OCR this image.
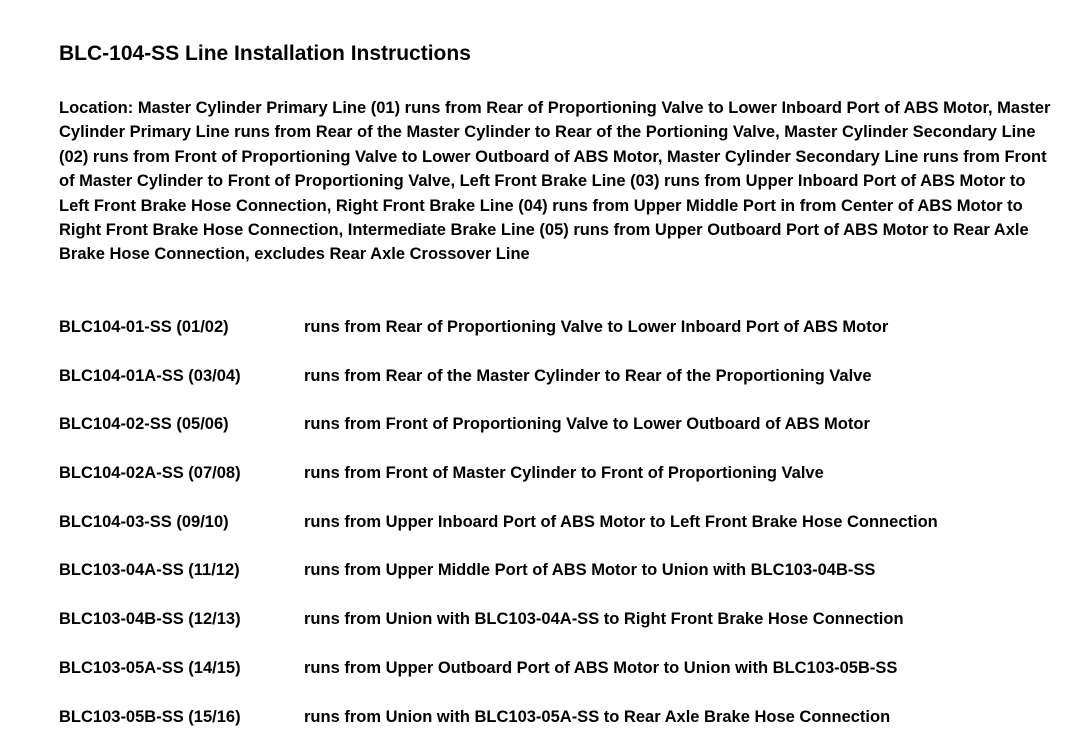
BLC-104-SS Line Installation Instructions

Location: Master Cylinder Primary Line (01) runs from Rear of Proportioning Valve to Lower Inboard Port of ABS Motor, Master Cylinder Primary Line runs from Rear of the Master Cylinder to Rear of the Portioning Valve, Master Cylinder Secondary Line (02) runs from Front of Proportioning Valve to Lower Outboard of ABS Motor, Master Cylinder Secondary Line runs from Front of Master Cylinder to Front of Proportioning Valve, Left Front Brake Line (03) runs from Upper Inboard Port of ABS Motor to Left Front Brake Hose Connection, Right Front Brake Line (04) runs from Upper Middle Port in from Center of ABS Motor to Right Front Brake Hose Connection, Intermediate Brake Line (05) runs from Upper Outboard Port of ABS Motor to Rear Axle Brake Hose Connection, excludes Rear Axle Crossover Line

BLC104-01-SS (01/02)	runs from Rear of Proportioning Valve to Lower Inboard Port of ABS Motor
BLC104-01A-SS (03/04)	runs from Rear of the Master Cylinder to Rear of the Proportioning Valve
BLC104-02-SS (05/06)	runs from Front of Proportioning Valve to Lower Outboard of ABS Motor
BLC104-02A-SS (07/08)	runs from Front of Master Cylinder to Front of Proportioning Valve
BLC104-03-SS (09/10)	runs from Upper Inboard Port of ABS Motor to Left Front Brake Hose Connection
BLC103-04A-SS (11/12)	runs from Upper Middle Port of ABS Motor to Union with BLC103-04B-SS
BLC103-04B-SS (12/13)	runs from Union with BLC103-04A-SS to Right Front Brake Hose Connection
BLC103-05A-SS (14/15)	runs from Upper Outboard Port of ABS Motor to Union with BLC103-05B-SS
BLC103-05B-SS (15/16)	runs from Union with BLC103-05A-SS to Rear Axle Brake Hose Connection
